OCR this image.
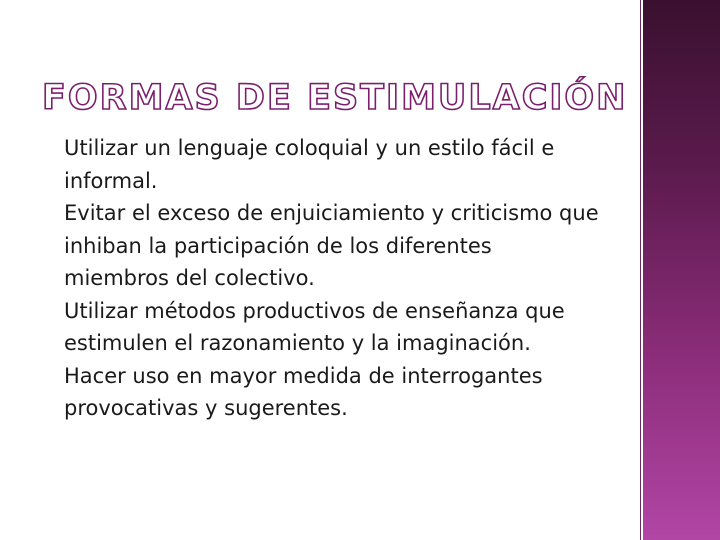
FORMAS DE ESTIMULACIÓN
Utilizar un lenguaje coloquial y un estilo fácil e informal.
Evitar el exceso de enjuiciamiento y criticismo que inhiban la participación de los diferentes miembros del colectivo.
Utilizar métodos productivos de enseñanza que estimulen el razonamiento y la imaginación.
Hacer uso en mayor medida de interrogantes provocativas y sugerentes.
